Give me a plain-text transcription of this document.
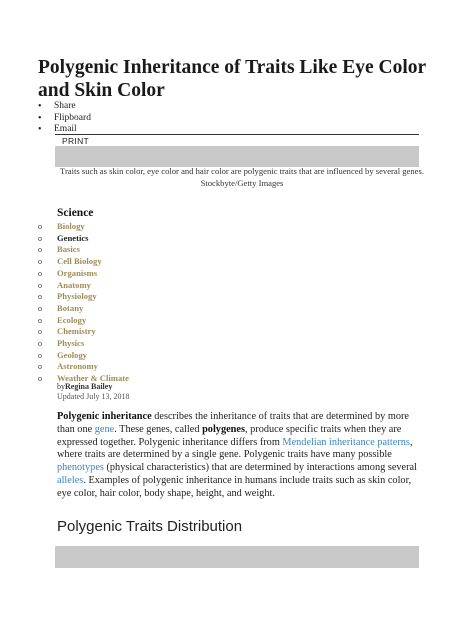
Polygenic Inheritance of Traits Like Eye Color and Skin Color
• Share
• Flipboard
• Email
PRINT

Traits such as skin color, eye color and hair color are polygenic traits that are influenced by several genes. Stockbyte/Getty Images

Science
o Biology
o Genetics
o Basics
o Cell Biology
o Organisms
o Anatomy
o Physiology
o Botany
o Ecology
o Chemistry
o Physics
o Geology
o Astronomy
o Weather & Climate
byRegina Bailey
Updated July 13, 2018

Polygenic inheritance describes the inheritance of traits that are determined by more than one gene. These genes, called polygenes, produce specific traits when they are expressed together. Polygenic inheritance differs from Mendelian inheritance patterns, where traits are determined by a single gene. Polygenic traits have many possible phenotypes (physical characteristics) that are determined by interactions among several alleles. Examples of polygenic inheritance in humans include traits such as skin color, eye color, hair color, body shape, height, and weight.

Polygenic Traits Distribution
